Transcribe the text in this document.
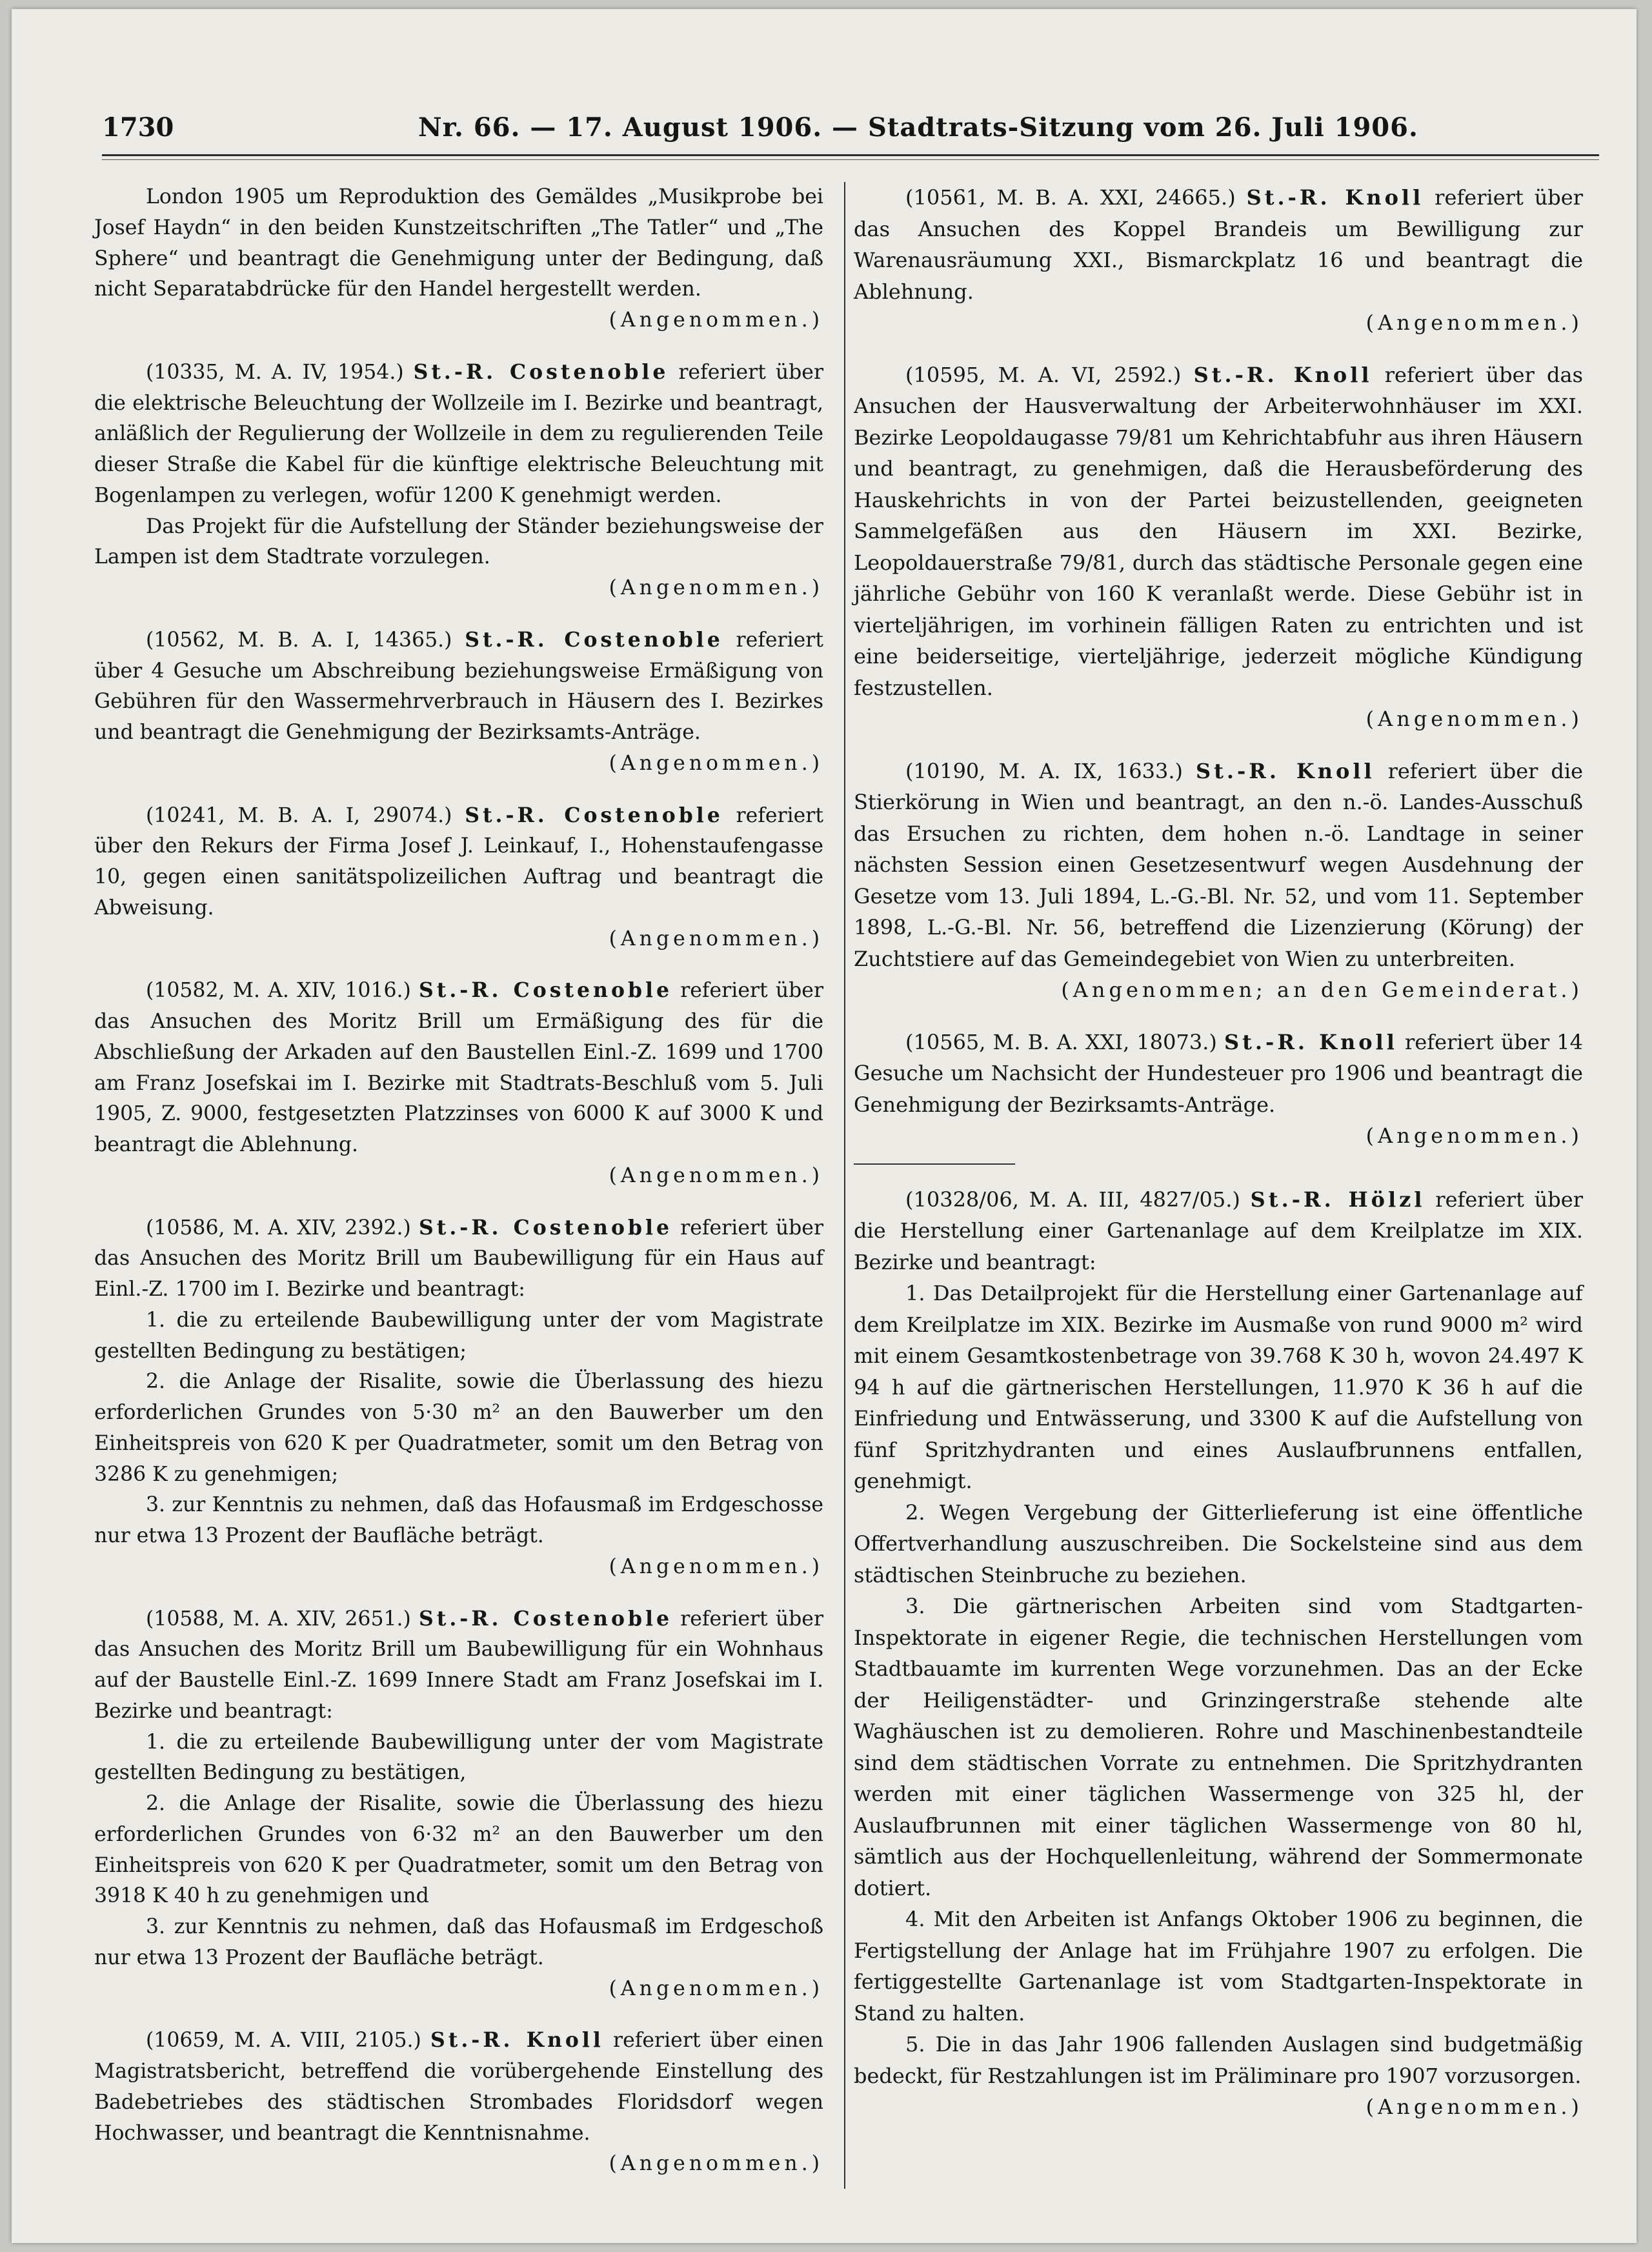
1730	Nr. 66. — 17. August 1906. — Stadtrats-Sitzung vom 26. Juli 1906.

London 1905 um Reproduktion des Gemäldes „Musikprobe bei Josef Haydn“ in den beiden Kunstzeitschriften „The Tatler“ und „The Sphere“ und beantragt die Genehmigung unter der Bedingung, daß nicht Separatabdrücke für den Handel hergestellt werden.

(Angenommen.)

(10335, M. A. IV, 1954.) St.-R. Costenoble referiert über die elektrische Beleuchtung der Wollzeile im I. Bezirke und beantragt, anläßlich der Regulierung der Wollzeile in dem zu regulierenden Teile dieser Straße die Kabel für die künftige elektrische Beleuchtung mit Bogenlampen zu verlegen, wofür 1200 K genehmigt werden.

Das Projekt für die Aufstellung der Ständer beziehungsweise der Lampen ist dem Stadtrate vorzulegen.

(Angenommen.)

(10562, M. B. A. I, 14365.) St.-R. Costenoble referiert über 4 Gesuche um Abschreibung beziehungsweise Ermäßigung von Gebühren für den Wassermehrverbrauch in Häusern des I. Bezirkes und beantragt die Genehmigung der Bezirksamts-Anträge.

(Angenommen.)

(10241, M. B. A. I, 29074.) St.-R. Costenoble referiert über den Rekurs der Firma Josef J. Leinkauf, I., Hohenstaufengasse 10, gegen einen sanitätspolizeilichen Auftrag und beantragt die Abweisung.

(Angenommen.)

(10582, M. A. XIV, 1016.) St.-R. Costenoble referiert über das Ansuchen des Moritz Brill um Ermäßigung des für die Abschließung der Arkaden auf den Baustellen Einl.-Z. 1699 und 1700 am Franz Josefskai im I. Bezirke mit Stadtrats-Beschluß vom 5. Juli 1905, Z. 9000, festgesetzten Platzzinses von 6000 K auf 3000 K und beantragt die Ablehnung.

(Angenommen.)

(10586, M. A. XIV, 2392.) St.-R. Costenoble referiert über das Ansuchen des Moritz Brill um Baubewilligung für ein Haus auf Einl.-Z. 1700 im I. Bezirke und beantragt:

1. die zu erteilende Baubewilligung unter der vom Magistrate gestellten Bedingung zu bestätigen;

2. die Anlage der Risalite, sowie die Überlassung des hiezu erforderlichen Grundes von 5·30 m² an den Bauwerber um den Einheitspreis von 620 K per Quadratmeter, somit um den Betrag von 3286 K zu genehmigen;

3. zur Kenntnis zu nehmen, daß das Hofausmaß im Erdgeschosse nur etwa 13 Prozent der Baufläche beträgt.

(Angenommen.)

(10588, M. A. XIV, 2651.) St.-R. Costenoble referiert über das Ansuchen des Moritz Brill um Baubewilligung für ein Wohnhaus auf der Baustelle Einl.-Z. 1699 Innere Stadt am Franz Josefskai im I. Bezirke und beantragt:

1. die zu erteilende Baubewilligung unter der vom Magistrate gestellten Bedingung zu bestätigen,

2. die Anlage der Risalite, sowie die Überlassung des hiezu erforderlichen Grundes von 6·32 m² an den Bauwerber um den Einheitspreis von 620 K per Quadratmeter, somit um den Betrag von 3918 K 40 h zu genehmigen und

3. zur Kenntnis zu nehmen, daß das Hofausmaß im Erdgeschoß nur etwa 13 Prozent der Baufläche beträgt.

(Angenommen.)

(10659, M. A. VIII, 2105.) St.-R. Knoll referiert über einen Magistratsbericht, betreffend die vorübergehende Einstellung des Badebetriebes des städtischen Strombades Floridsdorf wegen Hochwasser, und beantragt die Kenntnisnahme.

(Angenommen.)

(10561, M. B. A. XXI, 24665.) St.-R. Knoll referiert über das Ansuchen des Koppel Brandeis um Bewilligung zur Warenausräumung XXI., Bismarckplatz 16 und beantragt die Ablehnung.

(Angenommen.)

(10595, M. A. VI, 2592.) St.-R. Knoll referiert über das Ansuchen der Hausverwaltung der Arbeiterwohnhäuser im XXI. Bezirke Leopoldaugasse 79/81 um Kehrichtabfuhr aus ihren Häusern und beantragt, zu genehmigen, daß die Herausbeförderung des Hauskehrichts in von der Partei beizustellenden, geeigneten Sammelgefäßen aus den Häusern im XXI. Bezirke, Leopoldauerstraße 79/81, durch das städtische Personale gegen eine jährliche Gebühr von 160 K veranlaßt werde. Diese Gebühr ist in vierteljährigen, im vorhinein fälligen Raten zu entrichten und ist eine beiderseitige, vierteljährige, jederzeit mögliche Kündigung festzustellen.

(Angenommen.)

(10190, M. A. IX, 1633.) St.-R. Knoll referiert über die Stierkörung in Wien und beantragt, an den n.-ö. Landes-Ausschuß das Ersuchen zu richten, dem hohen n.-ö. Landtage in seiner nächsten Session einen Gesetzesentwurf wegen Ausdehnung der Gesetze vom 13. Juli 1894, L.-G.-Bl. Nr. 52, und vom 11. September 1898, L.-G.-Bl. Nr. 56, betreffend die Lizenzierung (Körung) der Zuchtstiere auf das Gemeindegebiet von Wien zu unterbreiten.

(Angenommen; an den Gemeinderat.)

(10565, M. B. A. XXI, 18073.) St.-R. Knoll referiert über 14 Gesuche um Nachsicht der Hundesteuer pro 1906 und beantragt die Genehmigung der Bezirksamts-Anträge.

(Angenommen.)

(10328/06, M. A. III, 4827/05.) St.-R. Hölzl referiert über die Herstellung einer Gartenanlage auf dem Kreilplatze im XIX. Bezirke und beantragt:

1. Das Detailprojekt für die Herstellung einer Gartenanlage auf dem Kreilplatze im XIX. Bezirke im Ausmaße von rund 9000 m² wird mit einem Gesamtkostenbetrage von 39.768 K 30 h, wovon 24.497 K 94 h auf die gärtnerischen Herstellungen, 11.970 K 36 h auf die Einfriedung und Entwässerung, und 3300 K auf die Aufstellung von fünf Spritzhydranten und eines Auslaufbrunnens entfallen, genehmigt.

2. Wegen Vergebung der Gitterlieferung ist eine öffentliche Offertverhandlung auszuschreiben. Die Sockelsteine sind aus dem städtischen Steinbruche zu beziehen.

3. Die gärtnerischen Arbeiten sind vom Stadtgarten-Inspektorate in eigener Regie, die technischen Herstellungen vom Stadtbauamte im kurrenten Wege vorzunehmen. Das an der Ecke der Heiligenstädter- und Grinzingerstraße stehende alte Waghäuschen ist zu demolieren. Rohre und Maschinenbestandteile sind dem städtischen Vorrate zu entnehmen. Die Spritzhydranten werden mit einer täglichen Wassermenge von 325 hl, der Auslaufbrunnen mit einer täglichen Wassermenge von 80 hl, sämtlich aus der Hochquellenleitung, während der Sommermonate dotiert.

4. Mit den Arbeiten ist Anfangs Oktober 1906 zu beginnen, die Fertigstellung der Anlage hat im Frühjahre 1907 zu erfolgen. Die fertiggestellte Gartenanlage ist vom Stadtgarten-Inspektorate in Stand zu halten.

5. Die in das Jahr 1906 fallenden Auslagen sind budgetmäßig bedeckt, für Restzahlungen ist im Präliminare pro 1907 vorzusorgen.

(Angenommen.)
